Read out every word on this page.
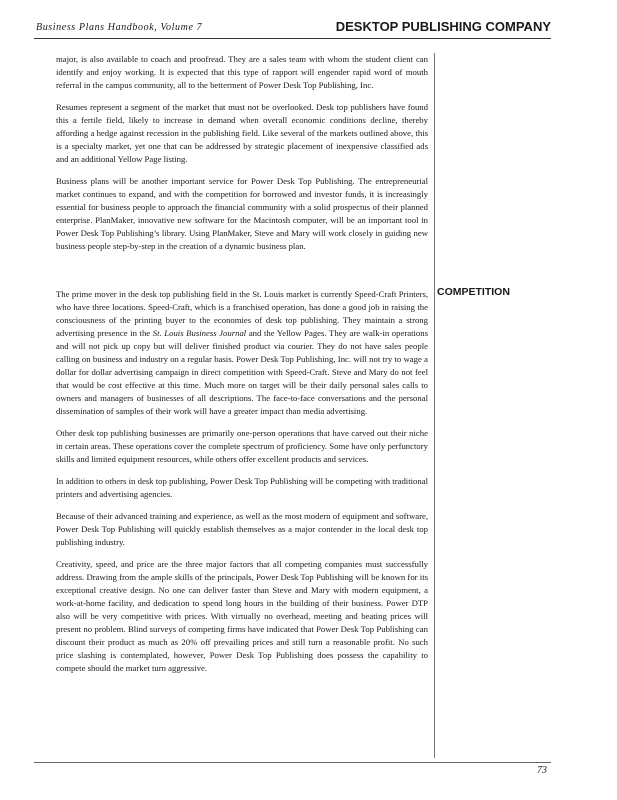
Business Plans Handbook, Volume 7	DESKTOP PUBLISHING COMPANY

major, is also available to coach and proofread. They are a sales team with whom the student client can identify and enjoy working. It is expected that this type of rapport will engender rapid word of mouth referral in the campus community, all to the betterment of Power Desk Top Publishing, Inc.

Resumes represent a segment of the market that must not be overlooked. Desk top publishers have found this a fertile field, likely to increase in demand when overall economic conditions decline, thereby affording a hedge against recession in the publishing field. Like several of the markets outlined above, this is a specialty market, yet one that can be addressed by strategic placement of inexpensive classified ads and an additional Yellow Page listing.

Business plans will be another important service for Power Desk Top Publishing. The entrepreneurial market continues to expand, and with the competition for borrowed and investor funds, it is increasingly essential for business people to approach the financial community with a solid prospectus of their planned enterprise. PlanMaker, innovative new software for the Macintosh computer, will be an important tool in Power Desk Top Publishing’s library. Using PlanMaker, Steve and Mary will work closely in guiding new business people step-by-step in the creation of a dynamic business plan.

COMPETITION

The prime mover in the desk top publishing field in the St. Louis market is currently Speed-Craft Printers, who have three locations. Speed-Craft, which is a franchised operation, has done a good job in raising the consciousness of the printing buyer to the economies of desk top publishing. They maintain a strong advertising presence in the St. Louis Business Journal and the Yellow Pages. They are walk-in operations and will not pick up copy but will deliver finished product via courier. They do not have sales people calling on business and industry on a regular basis. Power Desk Top Publishing, Inc. will not try to wage a dollar for dollar advertising campaign in direct competition with Speed-Craft. Steve and Mary do not feel that would be cost effective at this time. Much more on target will be their daily personal sales calls to owners and managers of businesses of all descriptions. The face-to-face conversations and the personal dissemination of samples of their work will have a greater impact than media advertising.

Other desk top publishing businesses are primarily one-person operations that have carved out their niche in certain areas. These operations cover the complete spectrum of proficiency. Some have only perfunctory skills and limited equipment resources, while others offer excellent products and services.

In addition to others in desk top publishing, Power Desk Top Publishing will be competing with traditional printers and advertising agencies.

Because of their advanced training and experience, as well as the most modern of equipment and software, Power Desk Top Publishing will quickly establish themselves as a major contender in the local desk top publishing industry.

Creativity, speed, and price are the three major factors that all competing companies must successfully address. Drawing from the ample skills of the principals, Power Desk Top Publishing will be known for its exceptional creative design. No one can deliver faster than Steve and Mary with modern equipment, a work-at-home facility, and dedication to spend long hours in the building of their business. Power DTP also will be very competitive with prices. With virtually no overhead, meeting and beating prices will present no problem. Blind surveys of competing firms have indicated that Power Desk Top Publishing can discount their product as much as 20% off prevailing prices and still turn a reasonable profit. No such price slashing is contemplated, however, Power Desk Top Publishing does possess the capability to compete should the market turn aggressive.

73
